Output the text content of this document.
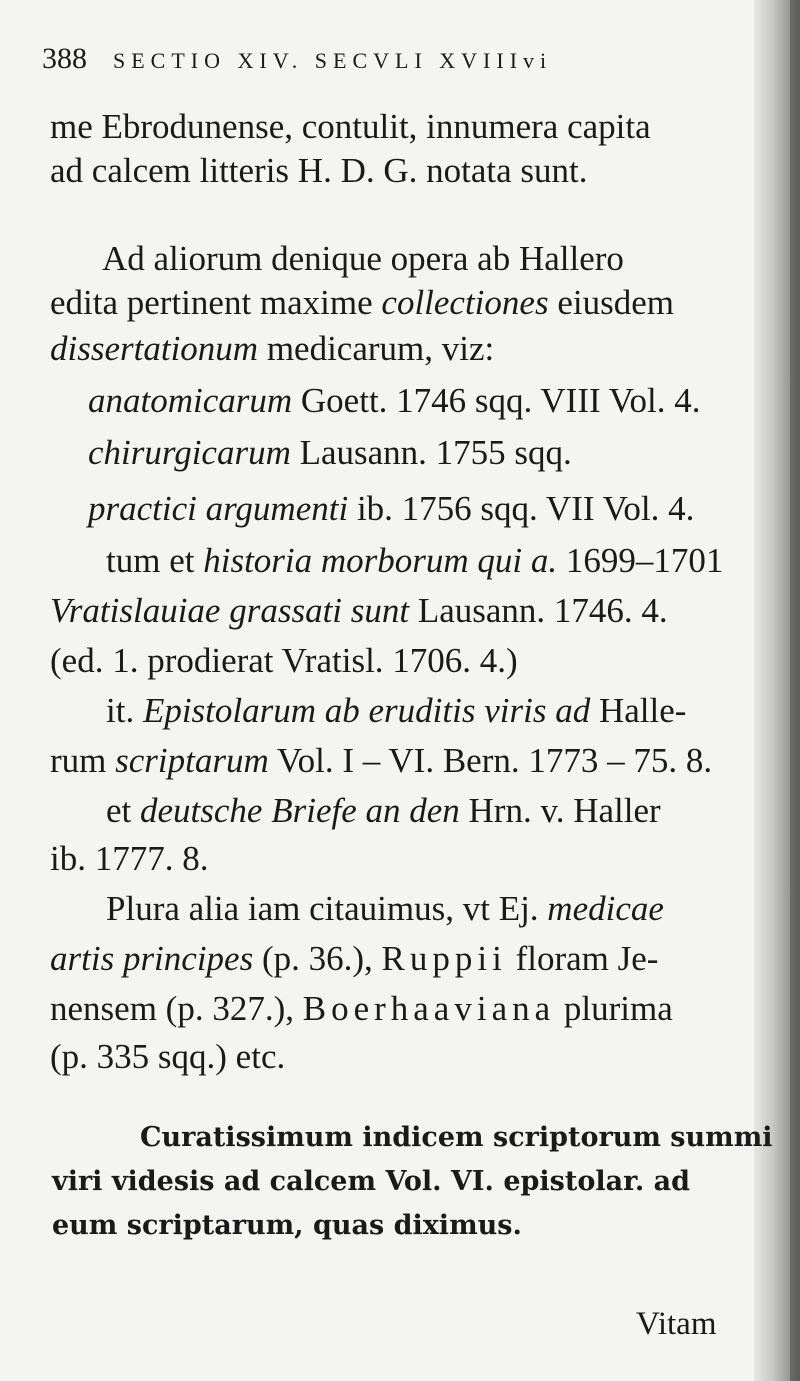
388 SECTIO XIV. SECVLI XVIIIvi
me Ebrodunense, contulit, innumera capita
ad calcem litteris H. D. G. notata sunt.
Ad aliorum denique opera ab Hallero
edita pertinent maxime collectiones eiusdem
dissertationum medicarum, viz:
anatomicarum Goett. 1746 sqq. VIII Vol. 4.
chirurgicarum Lausann. 1755 sqq.
practici argumenti ib. 1756 sqq. VII Vol. 4.
tum et historia morborum qui a. 1699–1701
Vratislauiae grassati sunt Lausann. 1746. 4.
(ed. 1. prodierat Vratisl. 1706. 4.)
it. Epistolarum ab eruditis viris ad Halle-
rum scriptarum Vol. I – VI. Bern. 1773 – 75. 8.
et deutsche Briefe an den Hrn. v. Haller
ib. 1777. 8.
Plura alia iam citauimus, vt Ej. medicae
artis principes (p. 36.), Ruppii floram Je-
nensem (p. 327.), Boerhaaviana plurima
(p. 335 sqq.) etc.
Curatissimum indicem scriptorum summi
viri videsis ad calcem Vol. VI. epistolar. ad
eum scriptarum, quas diximus.
Vitam
